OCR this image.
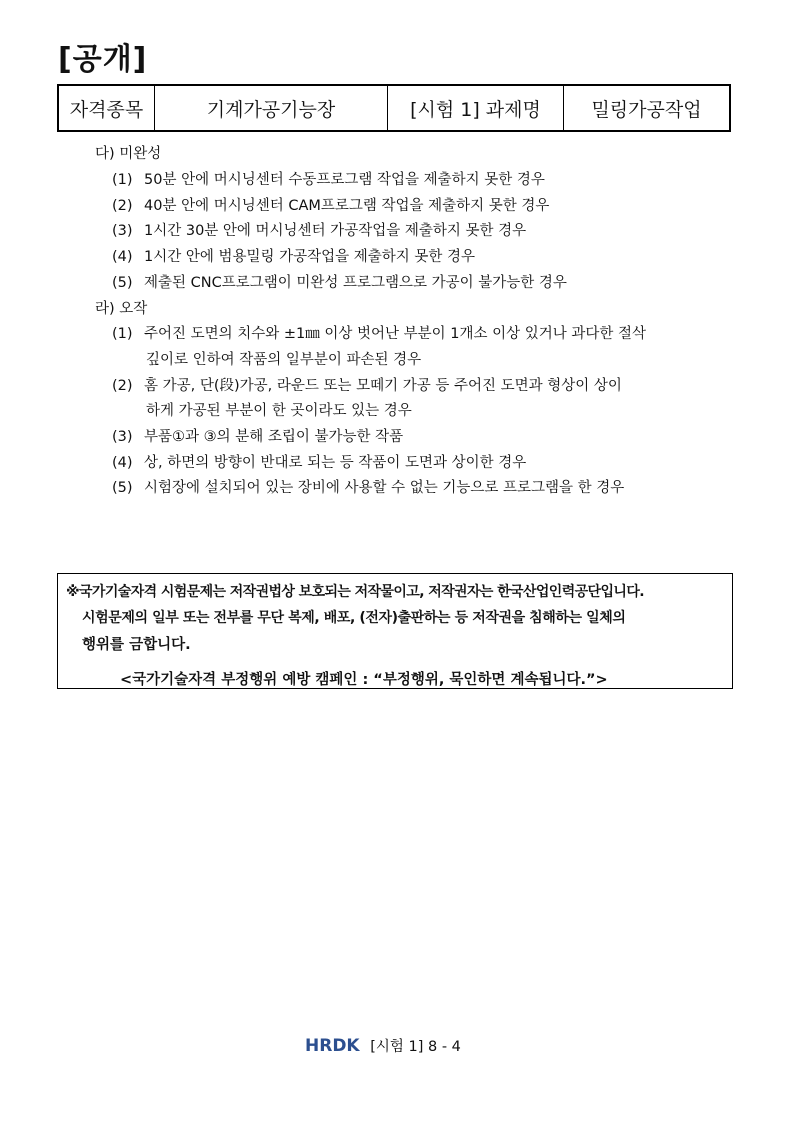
[공개]
자격종목	기계가공기능장	[시험 1] 과제명	밀링가공작업
다) 미완성
(1) 50분 안에 머시닝센터 수동프로그램 작업을 제출하지 못한 경우
(2) 40분 안에 머시닝센터 CAM프로그램 작업을 제출하지 못한 경우
(3) 1시간 30분 안에 머시닝센터 가공작업을 제출하지 못한 경우
(4) 1시간 안에 범용밀링 가공작업을 제출하지 못한 경우
(5) 제출된 CNC프로그램이 미완성 프로그램으로 가공이 불가능한 경우
라) 오작
(1) 주어진 도면의 치수와 ±1㎜ 이상 벗어난 부분이 1개소 이상 있거나 과다한 절삭
깊이로 인하여 작품의 일부분이 파손된 경우
(2) 홈 가공, 단(段)가공, 라운드 또는 모떼기 가공 등 주어진 도면과 형상이 상이
하게 가공된 부분이 한 곳이라도 있는 경우
(3) 부품①과 ③의 분해 조립이 불가능한 작품
(4) 상, 하면의 방향이 반대로 되는 등 작품이 도면과 상이한 경우
(5) 시험장에 설치되어 있는 장비에 사용할 수 없는 기능으로 프로그램을 한 경우
※국가기술자격 시험문제는 저작권법상 보호되는 저작물이고, 저작권자는 한국산업인력공단입니다.
시험문제의 일부 또는 전부를 무단 복제, 배포, (전자)출판하는 등 저작권을 침해하는 일체의
행위를 금합니다.
<국가기술자격 부정행위 예방 캠페인 : “부정행위, 묵인하면 계속됩니다.”>
HRDK [시험 1] 8 - 4
